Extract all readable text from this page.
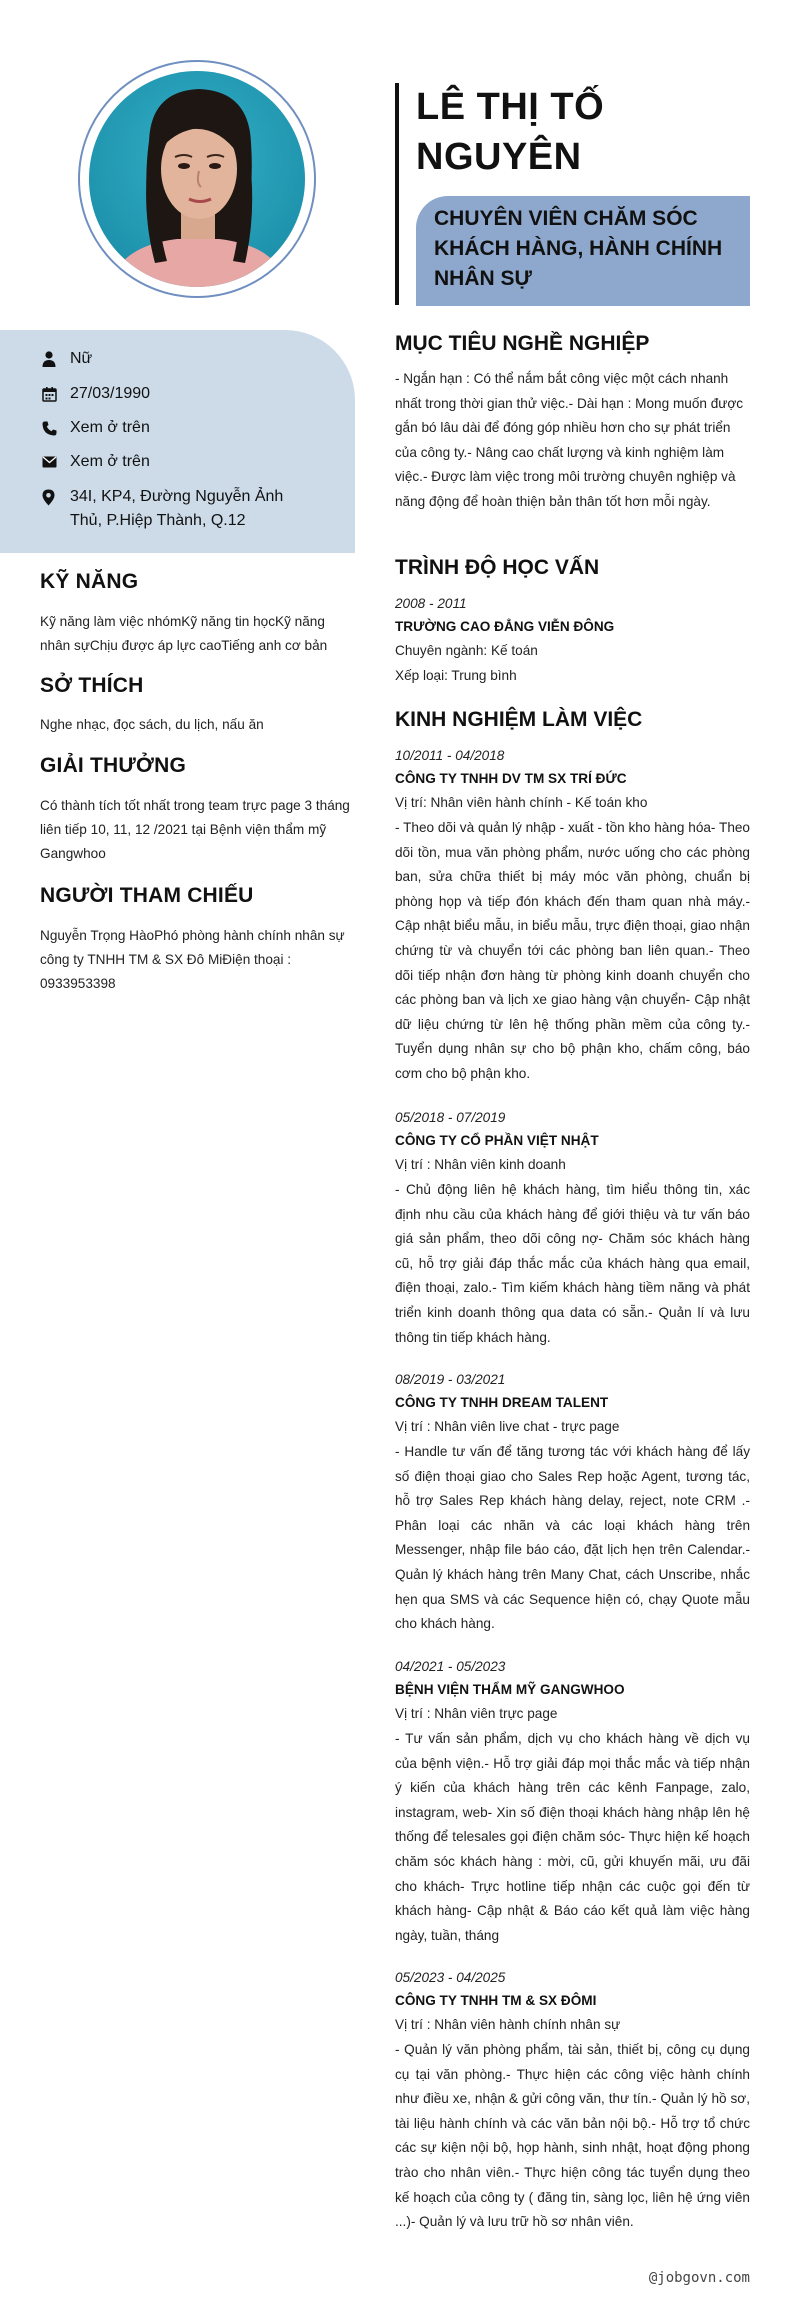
Nữ
27/03/1990
Xem ở trên
Xem ở trên
34I, KP4, Đường Nguyễn Ảnh Thủ, P.Hiệp Thành, Q.12
KỸ NĂNG
Kỹ năng làm việc nhómKỹ năng tin họcKỹ năng nhân sựChịu được áp lực caoTiếng anh cơ bản
SỞ THÍCH
Nghe nhạc, đọc sách, du lịch, nấu ăn
GIẢI THƯỞNG
Có thành tích tốt nhất trong team trực page 3 tháng liên tiếp 10, 11, 12 /2021 tại Bệnh viện thẩm mỹ Gangwhoo
NGƯỜI THAM CHIẾU
Nguyễn Trọng HàoPhó phòng hành chính nhân sự công ty TNHH TM & SX Đô MiĐiện thoại : 0933953398
LÊ THỊ TỐ NGUYÊN
CHUYÊN VIÊN CHĂM SÓC KHÁCH HÀNG, HÀNH CHÍNH NHÂN SỰ
MỤC TIÊU NGHỀ NGHIỆP
- Ngắn hạn : Có thể nắm bắt công việc một cách nhanh nhất trong thời gian thử việc.- Dài hạn : Mong muốn được gắn bó lâu dài để đóng góp nhiều hơn cho sự phát triển của công ty.- Nâng cao chất lượng và kinh nghiệm làm việc.- Được làm việc trong môi trường chuyên nghiệp và năng động để hoàn thiện bản thân tốt hơn mỗi ngày.
TRÌNH ĐỘ HỌC VẤN
2008 - 2011
TRƯỜNG CAO ĐẲNG VIỄN ĐÔNG
Chuyên ngành: Kế toán
Xếp loại: Trung bình
KINH NGHIỆM LÀM VIỆC
10/2011 - 04/2018
CÔNG TY TNHH DV TM SX TRÍ ĐỨC
Vị trí: Nhân viên hành chính - Kế toán kho
- Theo dõi và quản lý nhập - xuất - tồn kho hàng hóa- Theo dõi tồn, mua văn phòng phẩm, nước uống cho các phòng ban, sửa chữa thiết bị máy móc văn phòng, chuẩn bị phòng họp và tiếp đón khách đến tham quan nhà máy.- Cập nhật biểu mẫu, in biểu mẫu, trực điện thoại, giao nhận chứng từ và chuyển tới các phòng ban liên quan.- Theo dõi tiếp nhận đơn hàng từ phòng kinh doanh chuyển cho các phòng ban và lịch xe giao hàng vận chuyển- Cập nhật dữ liệu chứng từ lên hệ thống phần mềm của công ty.- Tuyển dụng nhân sự cho bộ phận kho, chấm công, báo cơm cho bộ phận kho.
05/2018 - 07/2019
CÔNG TY CỔ PHẦN VIỆT NHẬT
Vị trí : Nhân viên kinh doanh
- Chủ động liên hệ khách hàng, tìm hiểu thông tin, xác định nhu cầu của khách hàng để giới thiệu và tư vấn báo giá sản phẩm, theo dõi công nợ- Chăm sóc khách hàng cũ, hỗ trợ giải đáp thắc mắc của khách hàng qua email, điện thoại, zalo.- Tìm kiếm khách hàng tiềm năng và phát triển kinh doanh thông qua data có sẵn.- Quản lí và lưu thông tin tiếp khách hàng.
08/2019 - 03/2021
CÔNG TY TNHH DREAM TALENT
Vị trí : Nhân viên live chat - trực page
- Handle tư vấn để tăng tương tác với khách hàng để lấy số điện thoại giao cho Sales Rep hoặc Agent, tương tác, hỗ trợ Sales Rep khách hàng delay, reject, note CRM .- Phân loại các nhãn và các loại khách hàng trên Messenger, nhập file báo cáo, đặt lịch hẹn trên Calendar.- Quản lý khách hàng trên Many Chat, cách Unscribe, nhắc hẹn qua SMS và các Sequence hiện có, chạy Quote mẫu cho khách hàng.
04/2021 - 05/2023
BỆNH VIỆN THẨM MỸ GANGWHOO
Vị trí : Nhân viên trực page
- Tư vấn sản phẩm, dịch vụ cho khách hàng về dịch vụ của bệnh viện.- Hỗ trợ giải đáp mọi thắc mắc và tiếp nhận ý kiến của khách hàng trên các kênh Fanpage, zalo, instagram, web- Xin số điện thoại khách hàng nhập lên hệ thống để telesales gọi điện chăm sóc- Thực hiện kế hoạch chăm sóc khách hàng : mời, cũ, gửi khuyến mãi, ưu đãi cho khách- Trực hotline tiếp nhận các cuộc gọi đến từ khách hàng- Cập nhật & Báo cáo kết quả làm việc hàng ngày, tuần, tháng
05/2023 - 04/2025
CÔNG TY TNHH TM & SX ĐÔMI
Vị trí : Nhân viên hành chính nhân sự
- Quản lý văn phòng phẩm, tài sản, thiết bị, công cụ dụng cụ tại văn phòng.- Thực hiện các công việc hành chính như điều xe, nhận & gửi công văn, thư tín.- Quản lý hồ sơ, tài liệu hành chính và các văn bản nội bộ.- Hỗ trợ tổ chức các sự kiện nội bộ, họp hành, sinh nhật, hoạt động phong trào cho nhân viên.- Thực hiện công tác tuyển dụng theo kế hoạch của công ty ( đăng tin, sàng lọc, liên hệ ứng viên ...)- Quản lý và lưu trữ hồ sơ nhân viên.
@jobgovn.com
